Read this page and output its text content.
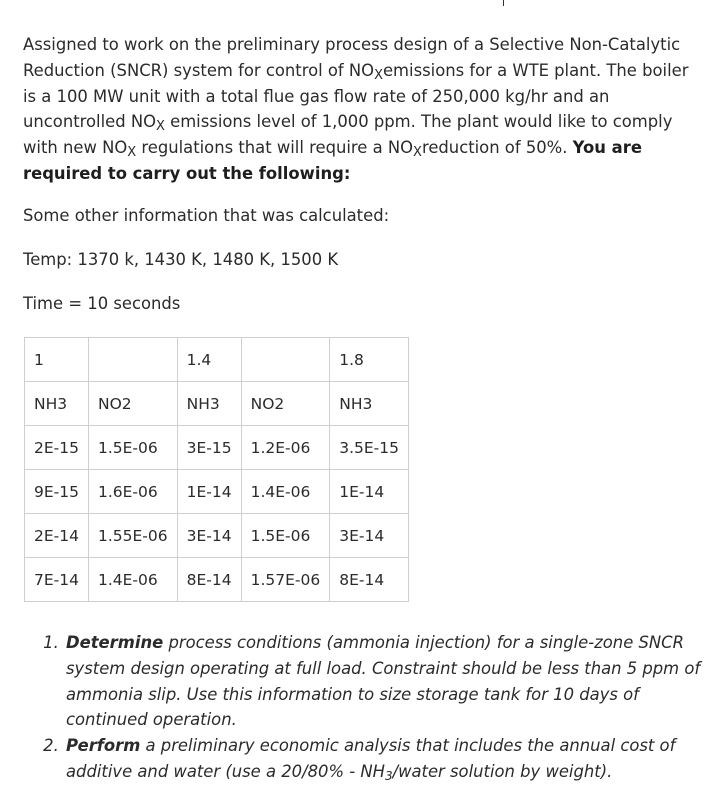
Assigned to work on the preliminary process design of a Selective Non-Catalytic Reduction (SNCR) system for control of $NO_Xemissions$ for a WTE plant. The boiler is a 100 MW unit with a total flue gas flow rate of 250,000 kg/hr and an uncontrolled $NO_X$ emissions level of 1,000 ppm. The plant would like to comply with new $NO_X$ regulations that will require a $NO_Xreduction$ of 50%. You are required to carry out the following:

Some other information that was calculated:

Temp: 1370 k, 1430 K, 1480 K, 1500 K

Time = 10 seconds

1		1.4		1.8
NH3	NO2	NH3	NO2	NH3
2E-15	1.5E-06	3E-15	1.2E-06	3.5E-15
9E-15	1.6E-06	1E-14	1.4E-06	1E-14
2E-14	1.55E-06	3E-14	1.5E-06	3E-14
7E-14	1.4E-06	8E-14	1.57E-06	8E-14
1. Determine process conditions (ammonia injection) for a single-zone SNCR system design operating at full load. Constraint should be less than 5 ppm of ammonia slip. Use this information to size storage tank for 10 days of continued operation.
2. Perform a preliminary economic analysis that includes the annual cost of additive and water (use a $20/80\% - NH_3$/water solution by weight).
